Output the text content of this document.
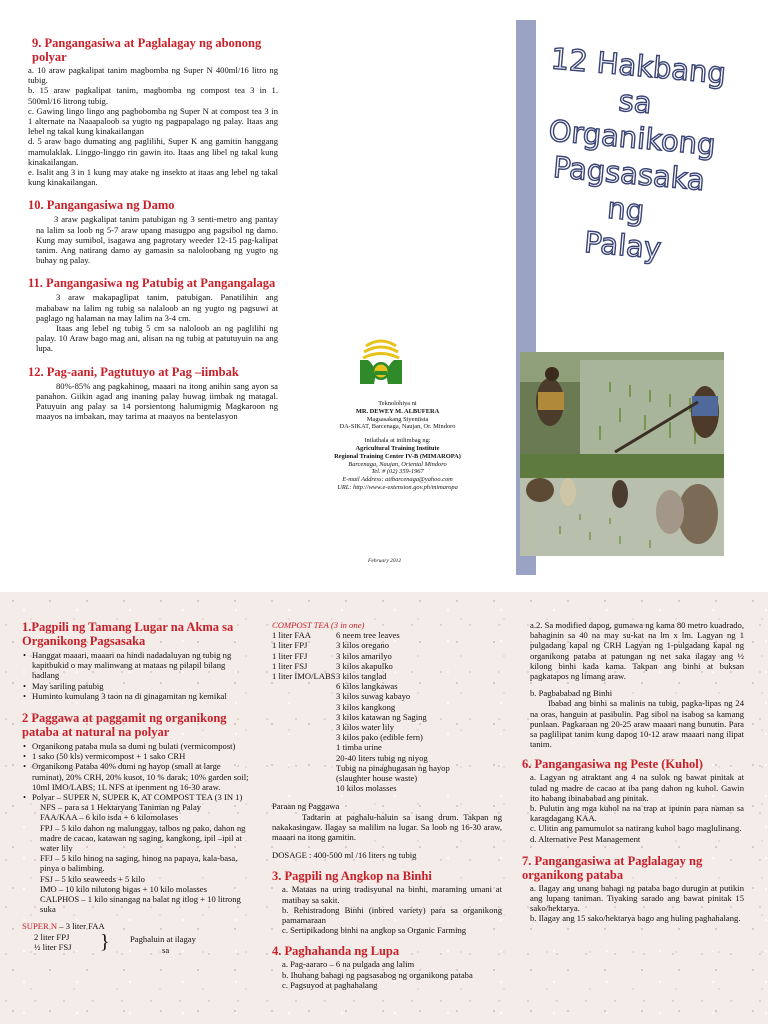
9. Pangangasiwa at Paglalagay ng abonong polyar

a. 10 araw pagkalipat tanim magbomba ng Super N 400ml/16 litro ng tubig.

b. 15 araw pagkalipat tanim, magbomba ng compost tea 3 in 1. 500ml/16 litrong tubig.

c. Gawing lingo lingo ang pagbobomba ng Super N at compost tea 3 in 1 alternate na Naaapaloob sa yugto ng pagpapalago ng palay. Itaas ang lebel ng takal kung kinakailangan

d. 5 araw bago dumating ang paglilihi, Super K ang gamitin hanggang mamulaklak. Linggo-linggo rin gawin ito. Itaas ang libel ng takal kung kinakailangan.

e. Isalit ang 3 in 1 kung may atake ng insekto at itaas ang lebel ng takal kung kinakailangan.

10. Pangangasiwa ng Damo

3 araw pagkalipat tanim patubigan ng 3 senti-metro ang pantay na lalim sa loob ng 5-7 araw upang masugpo ang pagsibol ng damo. Kung may sumibol, isagawa ang pagrotary weeder 12-15 pag-kalipat tanim. Ang natirang damo ay gamasin sa naloloobang ng yugto ng buhay ng palay.

11. Pangangasiwa ng Patubig at Pangangalaga

3 araw makapaglipat tanim, patubigan. Panatilihin ang mababaw na lalim ng tubig sa nalaloob an ng yugto ng pagsuwi at paglago ng halaman na may lalim na 3-4 cm.

Itaas ang lebel ng tubig 5 cm sa naloloob an ng paglilihi ng palay. 10 Araw bago mag ani, alisan na ng tubig at patutuyuin na ang lupa.

12. Pag-aani, Pagtutuyo at Pag –iimbak

80%-85% ang pagkahinog, maaari na itong anihin sang ayon sa panahon. Giikin agad ang inaning palay huwag iimbak ng matagal. Patuyuin ang palay sa 14 porsientong halumigmig Magkaroon ng maayos na imbakan, may tarima at maayos na bentelasyon

Teknolohiya ni
MR. DEWEY M. ALBUFERA
Magsasakang Siyentista
DA-SIKAT, Barcenaga, Naujan, Or. Mindoro
Inilathala at inilimbag ng:
Agricultural Training Institute
Regional Training Center IV-B (MIMAROPA)
Barcenaga, Naujan, Oriental Mindoro
Tel. # (02) 359-1967
E-mail Address: atibarcenaga@yahoo.com
URL: http://www.e-extension.gov.ph/mimaropa
February 2012
12 Hakbang
sa
Organikong
Pagsasaka
ng
Palay

1.Pagpili ng Tamang Lugar na Akma sa Organikong Pagsasaka

• Hanggat maaari, maaari na hindi nadadaluyan ng tubig ng kapitbukid o may malinwang at mataas ng pilapil bilang hadlang
• May sariling patubig
• Huminto kumulang 3 taon na di ginagamitan ng kemikal

2 Paggawa at paggamit ng organikong pataba at natural na polyar

• Organikong pataba mula sa dumi ng bulati (vermicompost)
• 1 sako (50 kls) vermicompost + 1 sako CRH
• Organikong Pataba 40% dumi ng hayop (small at large ruminat), 20% CRH, 20% kusot, 10 % darak; 10% garden soil; 10ml IMO/LABS; 1L NFS at ipenment ng 16-30 araw.
• Polyar – SUPER N, SUPER K, AT COMPOST TEA (3 IN 1)

NFS – para sa 1 Hektaryang Taniman ng Palay

FAA/KAA – 6 kilo isda + 6 kilomolases

FPJ – 5 kilo dahon ng malunggay, talbos ng pako, dahon ng madre de cacao, katawan ng saging, kangkong, ipil –ipil at water lily

FFJ – 5 kilo hinog na saging, hinog na papaya, kala-basa, pinya o balimbing.

FSJ – 5 kilo seaweeds + 5 kilo

IMO – 10 kilo nilutong bigas + 10 kilo molasses

CALPHOS – 1 kilo sinangag na balat ng itlog + 10 litrong suka

SUPER N – 3 liter FAA

2 liter FPJ

½ liter FSJ } Paghaluin at ilagay

sa

COMPOST TEA (3 in one)

1 liter FAA

1 liter FPJ

1 liter FFJ

1 liter FSJ

1 liter IMO/LABS

6 neem tree leaves

3 kilos oregano

3 kilos amarilyo

3 kilos akapulko

3 kilos tanglad

6 kilos langkawas

3 kilos suwag kabayo

3 kilos kangkong

3 kilos katawan ng Saging

3 kilos water lily

3 kilos pako (edible fern)

1 timba urine

20-40 liters tubig ng niyog

Tubig na pinaghugasan ng hayop

(slaughter house waste)

10 kilos molasses

Paraan ng Paggawa

Tadtarin at paghalu-haluin sa isang drum. Takpan ng nakakasingaw. Ilagay sa malilim na lugar. Sa loob ng 16-30 araw, maaari na itong gamitin.

DOSAGE : 400-500 ml /16 liters ng tubig

3. Pagpili ng Angkop na Binhi

a. Mataas na uring tradisyunal na binhi, maraming umani at matibay sa sakit.

b. Rehistradong Binhi (inbred variety) para sa organikong pamamaraan

c. Sertipikadong binhi na angkop sa Organic Farming

4. Paghahanda ng Lupa

a. Pag-aararo – 6 na pulgada ang lalim

b. Ihuhang bahagi ng pagsasabog ng organikong pataba

c. Pagsuyod at paghahalang

a.2. Sa modified dapog, gumawa ng kama 80 metro kuadrado, bahaginin sa 40 na may su-kat na lm x lm. Lagyan ng 1 pulgadang kapal ng CRH Lagyan ng 1-pulgadang kapal ng organikong pataba at patungan ng net saka ilagay ang ½ kilong binhi kada kama. Takpan ang binhi at buksan pagkatapos ng limang araw.

b. Pagbababad ng Binhi

Ibabad ang binhi sa malinis na tubig, pagka-lipas ng 24 na oras, hanguin at pasibulin. Pag sibol na isabog sa kamang punlaan. Pagkaraan ng 20-25 araw maaari nang bunutin. Para sa paglilipat tanim kung dapog 10-12 araw maaari nang ilipat tanim.

6. Pangangasiwa ng Peste (Kuhol)

a. Lagyan ng atraktant ang 4 na sulok ng bawat pinitak at tulad ng madre de cacao at iba pang dahon ng kuhol. Gawin ito habang ibinababad ang pinitak.

b. Pulutin ang mga kuhol na na trap at ipunin para naman sa karagdagang KAA.

c. Ulitin ang pamumulot sa natirang kuhol bago maglulinang.

d. Alternative Pest Management

7. Pangangasiwa at Paglalagay ng organikong pataba

a. Ilagay ang unang bahagi ng pataba bago durugin at putikin ang lupang taniman. Tiyaking sarado ang bawat pinitak 15 sako/hektarya.

b. Ilagay ang 15 sako/hektarya bago ang huling paghahalang.
